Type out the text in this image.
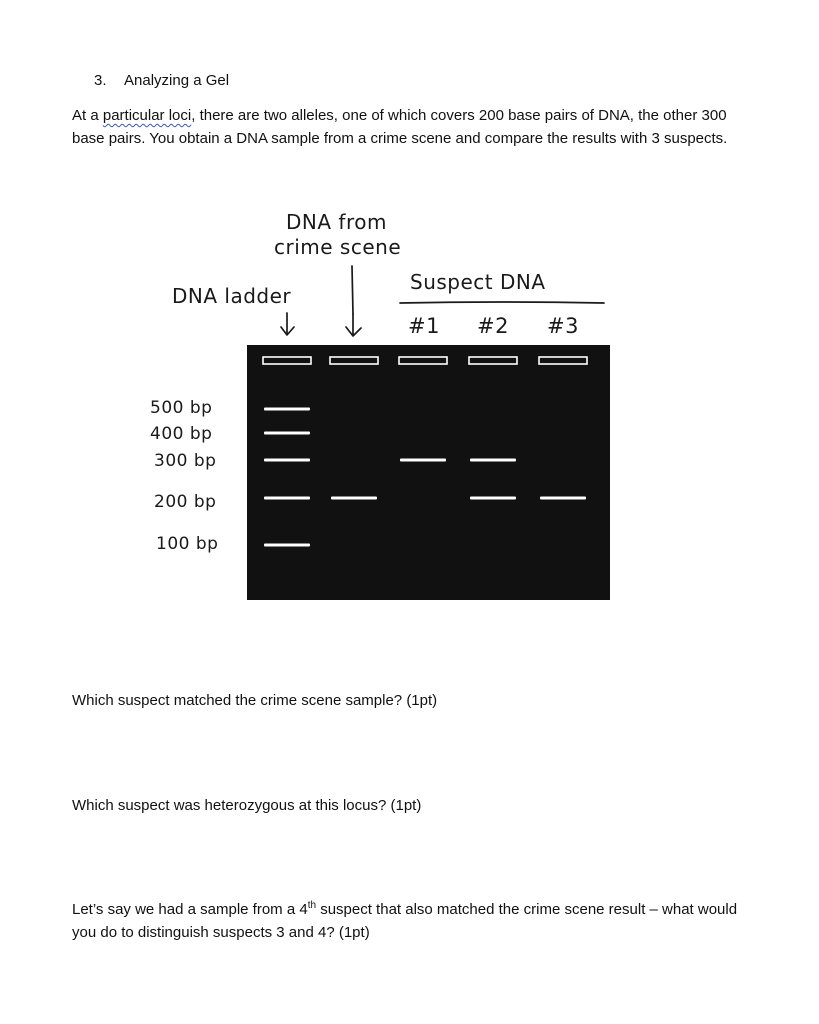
3. Analyzing a Gel
At a particular loci, there are two alleles, one of which covers 200 base pairs of DNA, the other 300 base pairs. You obtain a DNA sample from a crime scene and compare the results with 3 suspects.
DNA from
crime scene
DNA ladder
Suspect DNA
#1 #2 #3
500 bp
400 bp
300 bp
200 bp
100 bp
Which suspect matched the crime scene sample? (1pt)
Which suspect was heterozygous at this locus? (1pt)
Let’s say we had a sample from a 4th suspect that also matched the crime scene result – what would you do to distinguish suspects 3 and 4? (1pt)
